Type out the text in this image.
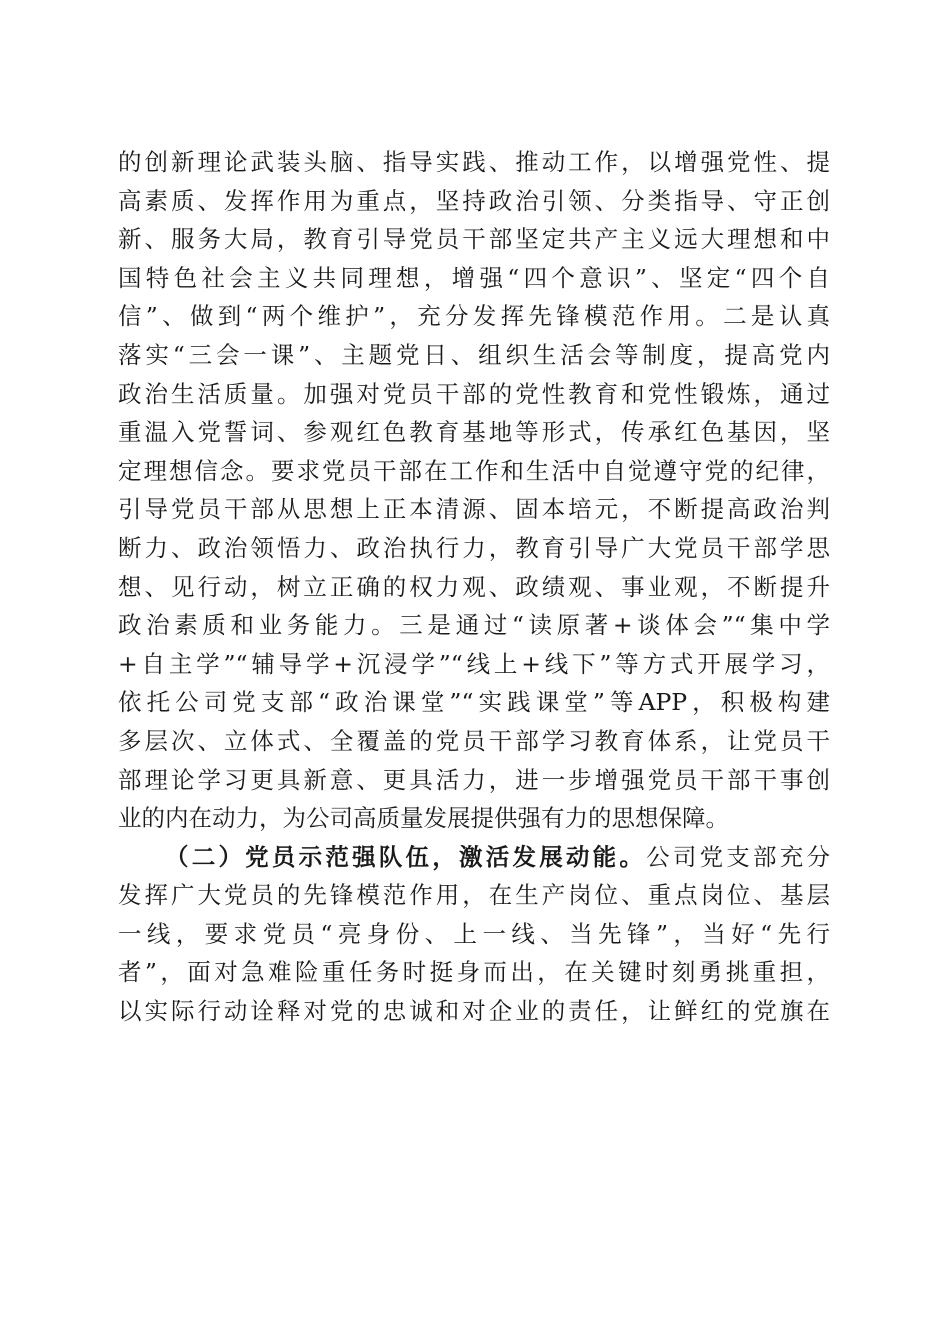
的创新理论武装头脑、指导实践、推动工作，以增强党性、提
高素质、发挥作用为重点，坚持政治引领、分类指导、守正创
新、服务大局，教育引导党员干部坚定共产主义远大理想和中
国特色社会主义共同理想，增强“四个意识”、坚定“四个自
信”、做到“两个维护”，充分发挥先锋模范作用。二是认真
落实“三会一课”、主题党日、组织生活会等制度，提高党内
政治生活质量。加强对党员干部的党性教育和党性锻炼，通过
重温入党誓词、参观红色教育基地等形式，传承红色基因，坚
定理想信念。要求党员干部在工作和生活中自觉遵守党的纪律，
引导党员干部从思想上正本清源、固本培元，不断提高政治判
断力、政治领悟力、政治执行力，教育引导广大党员干部学思
想、见行动，树立正确的权力观、政绩观、事业观，不断提升
政治素质和业务能力。三是通过“读原著+谈体会”“集中学
+自主学”“辅导学+沉浸学”“线上+线下”等方式开展学习，
依托公司党支部“政治课堂”“实践课堂”等APP，积极构建
多层次、立体式、全覆盖的党员干部学习教育体系，让党员干
部理论学习更具新意、更具活力，进一步增强党员干部干事创
业的内在动力，为公司高质量发展提供强有力的思想保障。
（二）党员示范强队伍，激活发展动能。公司党支部充分
发挥广大党员的先锋模范作用，在生产岗位、重点岗位、基层
一线，要求党员“亮身份、上一线、当先锋”，当好“先行
者”，面对急难险重任务时挺身而出，在关键时刻勇挑重担，
以实际行动诠释对党的忠诚和对企业的责任，让鲜红的党旗在
